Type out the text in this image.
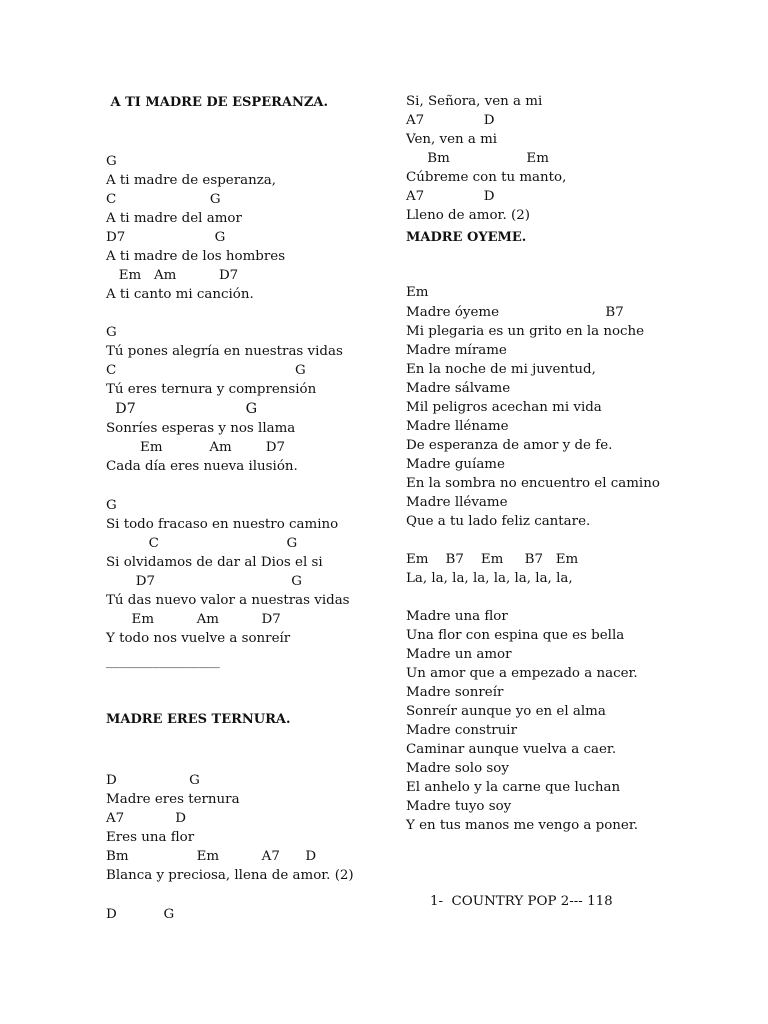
A TI MADRE DE ESPERANZA.
G
A ti madre de esperanza,
C                      G
A ti madre del amor
D7                     G
A ti madre de los hombres
Em   Am          D7
A ti canto mi canción.
G
Tú pones alegría en nuestras vidas
C                                          G
Tú eres ternura y comprensión
D7                        G
Sonríes esperas y nos llama
Em           Am        D7
Cada día eres nueva ilusión.
G
Si todo fracaso en nuestro camino
C                              G
Si olvidamos de dar al Dios el si
D7                                G
Tú das nuevo valor a nuestras vidas
Em          Am          D7
Y todo nos vuelve a sonreír
_________________
MADRE ERES TERNURA.
D                 G
Madre eres ternura
A7            D
Eres una flor
Bm                Em          A7      D
Blanca y preciosa, llena de amor. (2)
D           G
Si, Señora, ven a mi
A7              D
Ven, ven a mi
Bm                  Em
Cúbreme con tu manto,
A7              D
Lleno de amor. (2)
MADRE OYEME.
Em
Madre óyeme                         B7
Mi plegaria es un grito en la noche
Madre mírame
En la noche de mi juventud,
Madre sálvame
Mil peligros acechan mi vida
Madre lléname
De esperanza de amor y de fe.
Madre guíame
En la sombra no encuentro el camino
Madre llévame
Que a tu lado feliz cantare.
Em    B7    Em     B7   Em
La, la, la, la, la, la, la, la,
Madre una flor
Una flor con espina que es bella
Madre un amor
Un amor que a empezado a nacer.
Madre sonreír
Sonreír aunque yo en el alma
Madre construir
Caminar aunque vuelva a caer.
Madre solo soy
El anhelo y la carne que luchan
Madre tuyo soy
Y en tus manos me vengo a poner.
1-  COUNTRY POP 2--- 118
